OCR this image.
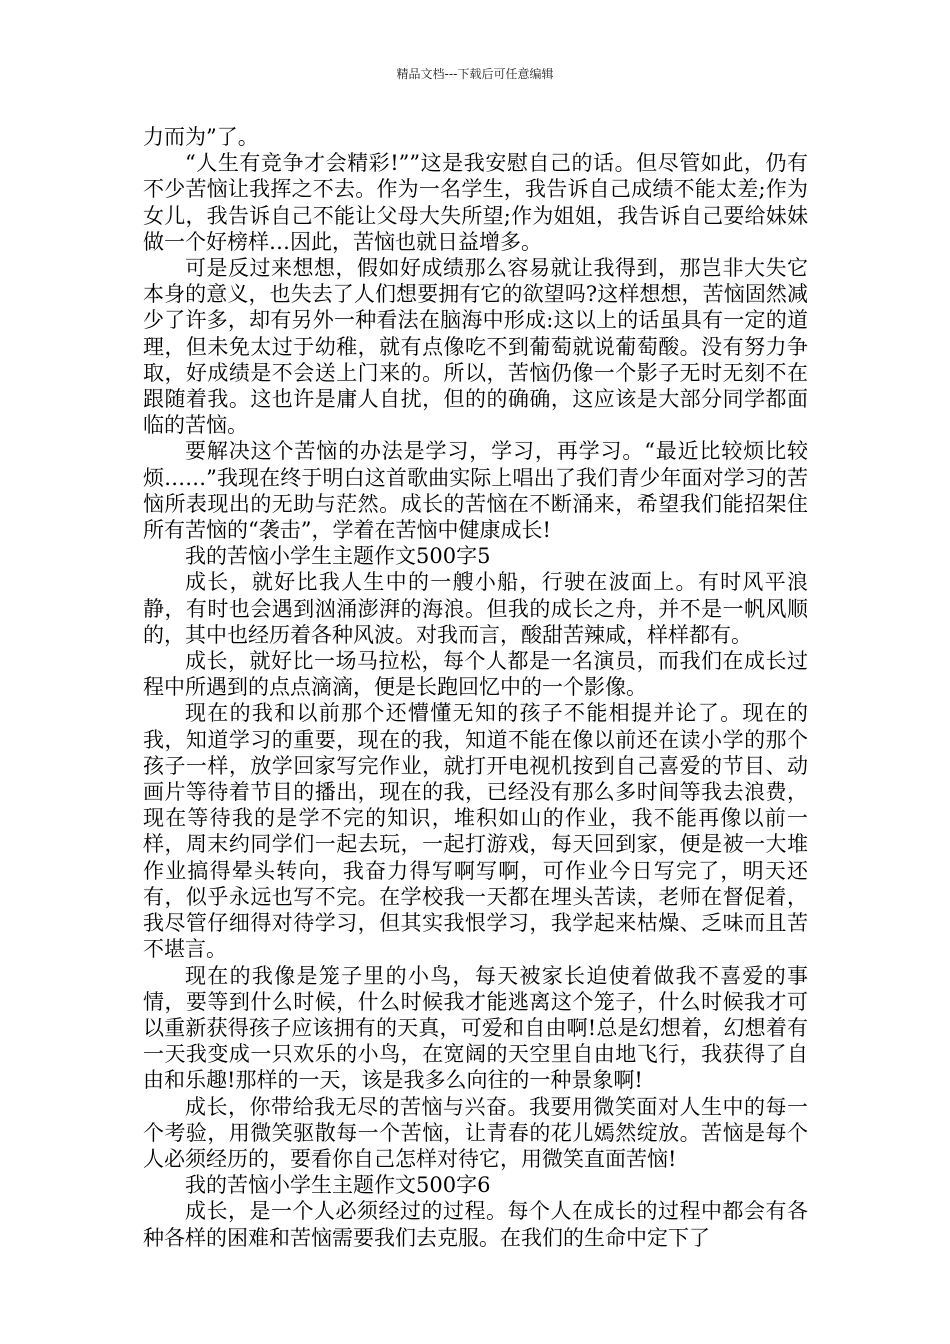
精品文档---下载后可任意编辑

力而为”了。

“人生有竞争才会精彩!””这是我安慰自己的话。但尽管如此，仍有不少苦恼让我挥之不去。作为一名学生，我告诉自己成绩不能太差;作为女儿，我告诉自己不能让父母大失所望;作为姐姐，我告诉自己要给妹妹做一个好榜样…因此，苦恼也就日益增多。

可是反过来想想，假如好成绩那么容易就让我得到，那岂非大失它本身的意义，也失去了人们想要拥有它的欲望吗?这样想想，苦恼固然减少了许多，却有另外一种看法在脑海中形成:这以上的话虽具有一定的道理，但未免太过于幼稚，就有点像吃不到葡萄就说葡萄酸。没有努力争取，好成绩是不会送上门来的。所以，苦恼仍像一个影子无时无刻不在跟随着我。这也许是庸人自扰，但的的确确，这应该是大部分同学都面临的苦恼。

要解决这个苦恼的办法是学习，学习，再学习。“最近比较烦比较烦……”我现在终于明白这首歌曲实际上唱出了我们青少年面对学习的苦恼所表现出的无助与茫然。成长的苦恼在不断涌来，希望我们能招架住所有苦恼的“袭击”，学着在苦恼中健康成长!

我的苦恼小学生主题作文500字5

成长，就好比我人生中的一艘小船，行驶在波面上。有时风平浪静，有时也会遇到汹涌澎湃的海浪。但我的成长之舟，并不是一帆风顺的，其中也经历着各种风波。对我而言，酸甜苦辣咸，样样都有。

成长，就好比一场马拉松，每个人都是一名演员，而我们在成长过程中所遇到的点点滴滴，便是长跑回忆中的一个影像。

现在的我和以前那个还懵懂无知的孩子不能相提并论了。现在的我，知道学习的重要，现在的我，知道不能在像以前还在读小学的那个孩子一样，放学回家写完作业，就打开电视机按到自己喜爱的节目、动画片等待着节目的播出，现在的我，已经没有那么多时间等我去浪费，现在等待我的是学不完的知识，堆积如山的作业，我不能再像以前一样，周末约同学们一起去玩，一起打游戏，每天回到家，便是被一大堆作业搞得晕头转向，我奋力得写啊写啊，可作业今日写完了，明天还有，似乎永远也写不完。在学校我一天都在埋头苦读，老师在督促着，我尽管仔细得对待学习，但其实我恨学习，我学起来枯燥、乏味而且苦不堪言。

现在的我像是笼子里的小鸟，每天被家长迫使着做我不喜爱的事情，要等到什么时候，什么时候我才能逃离这个笼子，什么时候我才可以重新获得孩子应该拥有的天真，可爱和自由啊!总是幻想着，幻想着有一天我变成一只欢乐的小鸟，在宽阔的天空里自由地飞行，我获得了自由和乐趣!那样的一天，该是我多么向往的一种景象啊!

成长，你带给我无尽的苦恼与兴奋。我要用微笑面对人生中的每一个考验，用微笑驱散每一个苦恼，让青春的花儿嫣然绽放。苦恼是每个人必须经历的，要看你自己怎样对待它，用微笑直面苦恼!

我的苦恼小学生主题作文500字6

成长，是一个人必须经过的过程。每个人在成长的过程中都会有各种各样的困难和苦恼需要我们去克服。在我们的生命中定下了
